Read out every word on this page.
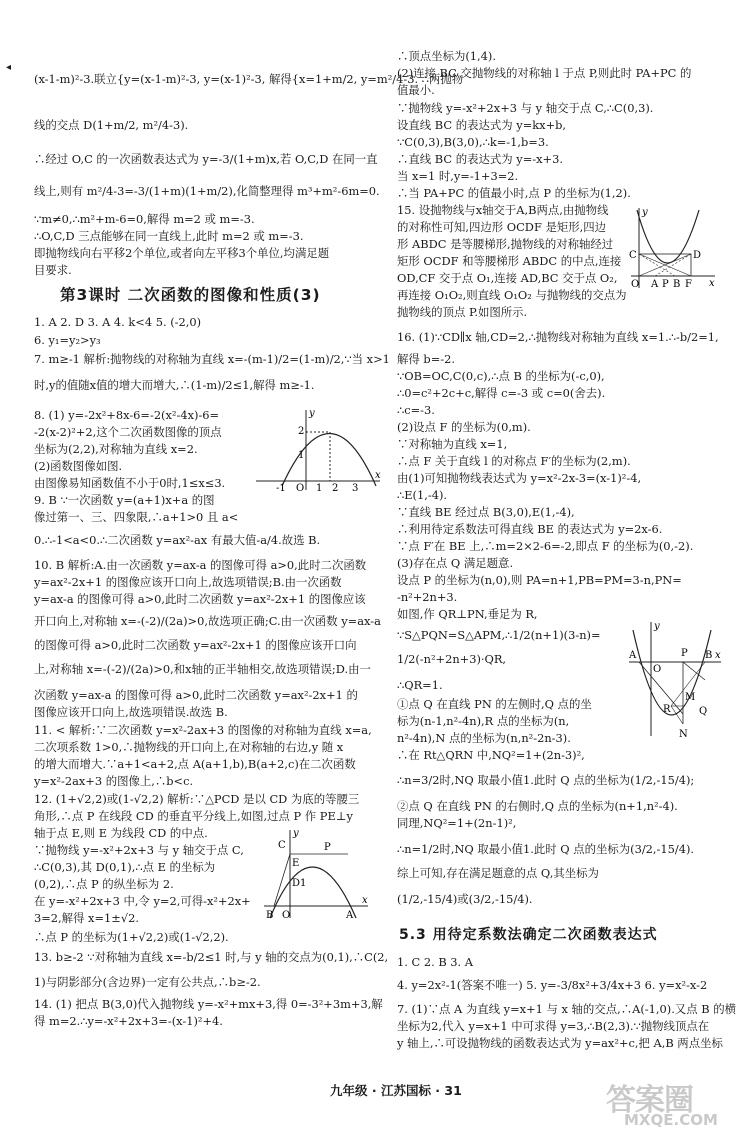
◂
(x-1-m)²-3.联立{y=(x-1-m)²-3, y=(x-1)²-3, 解得{x=1+m/2, y=m²/4-3. ∴两抛物
线的交点 D(1+m/2, m²/4-3).
∴经过 O,C 的一次函数表达式为 y=-3/(1+m)x,若 O,C,D 在同一直
线上,则有 m²/4-3=-3/(1+m)(1+m/2),化简整理得 m³+m²-6m=0.
∵m≠0,∴m²+m-6=0,解得 m=2 或 m=-3.
∴O,C,D 三点能够在同一直线上,此时 m=2 或 m=-3.
即抛物线向右平移2个单位,或者向左平移3个单位,均满足题
目要求.
第3课时 二次函数的图像和性质(3)
1. A 2. D 3. A 4. k<4 5. (-2,0)
6. y₁=y₂>y₃
7. m≥-1 解析:抛物线的对称轴为直线 x=-(m-1)/2=(1-m)/2,∵当 x>1
时,y的值随x值的增大而增大,∴(1-m)/2≤1,解得 m≥-1.
8. (1) y=-2x²+8x-6=-2(x²-4x)-6=
-2(x-2)²+2,这个二次函数图像的顶点
坐标为(2,2),对称轴为直线 x=2.
(2)函数图像如图.
由图像易知函数值不小于0时,1≤x≤3.
9. B ∵一次函数 y=(a+1)x+a 的图
像过第一、三、四象限,∴a+1>0 且 a<
0.∴-1<a<0.∴二次函数 y=ax²-ax 有最大值-a/4.故选 B.
10. B 解析:A.由一次函数 y=ax-a 的图像可得 a>0,此时二次函数
y=ax²-2x+1 的图像应该开口向上,故选项错误;B.由一次函数
y=ax-a 的图像可得 a>0,此时二次函数 y=ax²-2x+1 的图像应该
开口向上,对称轴 x=-(-2)/(2a)>0,故选项正确;C.由一次函数 y=ax-a
的图像可得 a>0,此时二次函数 y=ax²-2x+1 的图像应该开口向
上,对称轴 x=-(-2)/(2a)>0,和x轴的正半轴相交,故选项错误;D.由一
次函数 y=ax-a 的图像可得 a>0,此时二次函数 y=ax²-2x+1 的
图像应该开口向上,故选项错误.故选 B.
11. < 解析:∵二次函数 y=x²-2ax+3 的图像的对称轴为直线 x=a,
二次项系数 1>0,∴抛物线的开口向上,在对称轴的右边,y 随 x
的增大而增大.∵a+1<a+2,点 A(a+1,b),B(a+2,c)在二次函数
y=x²-2ax+3 的图像上,∴b<c.
12. (1+√2,2)或(1-√2,2) 解析:∵△PCD 是以 CD 为底的等腰三
角形,∴点 P 在线段 CD 的垂直平分线上,如图,过点 P 作 PE⊥y
轴于点 E,则 E 为线段 CD 的中点.
∵抛物线 y=-x²+2x+3 与 y 轴交于点 C,
∴C(0,3),其 D(0,1),∴点 E 的坐标为
(0,2),∴点 P 的纵坐标为 2.
在 y=-x²+2x+3 中,令 y=2,可得-x²+2x+
3=2,解得 x=1±√2.
∴点 P 的坐标为(1+√2,2)或(1-√2,2).
13. b≥-2 ∵对称轴为直线 x=-b/2≤1 时,与 y 轴的交点为(0,1),∴C(2,
1)与阴影部分(含边界)一定有公共点,∴b≥-2.
14. (1) 把点 B(3,0)代入抛物线 y=-x²+mx+3,得 0=-3²+3m+3,解
得 m=2.∴y=-x²+2x+3=-(x-1)²+4.
2
1
O
-1	1 2 3
x
y
y
C	P
E
D 1
B O	A
x
∴顶点坐标为(1,4).
(2)连接 BC 交抛物线的对称轴 l 于点 P,则此时 PA+PC 的
值最小.
∵抛物线 y=-x²+2x+3 与 y 轴交于点 C,∴C(0,3).
设直线 BC 的表达式为 y=kx+b,
∵C(0,3),B(3,0),∴k=-1,b=3.
∴直线 BC 的表达式为 y=-x+3.
当 x=1 时,y=-1+3=2.
∴当 PA+PC 的值最小时,点 P 的坐标为(1,2).
15. 设抛物线与x轴交于A,B两点,由抛物线
的对称性可知,四边形 OCDF 是矩形,四边
形 ABDC 是等腰梯形,抛物线的对称轴经过
矩形 OCDF 和等腰梯形 ABDC 的中点,连接
OD,CF 交于点 O₁,连接 AD,BC 交于点 O₂,
再连接 O₁O₂,则直线 O₁O₂ 与抛物线的交点为
抛物线的顶点 P.如图所示.
16. (1)∵CD∥x 轴,CD=2,∴抛物线对称轴为直线 x=1.∴-b/2=1,
解得 b=-2.
∵OB=OC,C(0,c),∴点 B 的坐标为(-c,0),
∴0=c²+2c+c,解得 c=-3 或 c=0(舍去).
∴c=-3.
(2)设点 F 的坐标为(0,m).
∵对称轴为直线 x=1,
∴点 F 关于直线 l 的对称点 F′的坐标为(2,m).
由(1)可知抛物线表达式为 y=x²-2x-3=(x-1)²-4,
∴E(1,-4).
∵直线 BE 经过点 B(3,0),E(1,-4),
∴利用待定系数法可得直线 BE 的表达式为 y=2x-6.
∵点 F′在 BE 上,∴m=2×2-6=-2,即点 F 的坐标为(0,-2).
(3)存在点 Q 满足题意.
设点 P 的坐标为(n,0),则 PA=n+1,PB=PM=3-n,PN=
-n²+2n+3.
如图,作 QR⊥PN,垂足为 R,
∵S△PQN=S△APM,∴1/2(n+1)(3-n)=
1/2(-n²+2n+3)·QR,
∴QR=1.
①点 Q 在直线 PN 的左侧时,Q 点的坐
标为(n-1,n²-4n),R 点的坐标为(n,
n²-4n),N 点的坐标为(n,n²-2n-3).
∴在 Rt△QRN 中,NQ²=1+(2n-3)²,
∴n=3/2时,NQ 取最小值1.此时 Q 点的坐标为(1/2,-15/4);
②点 Q 在直线 PN 的右侧时,Q 点的坐标为(n+1,n²-4).
同理,NQ²=1+(2n-1)²,
∴n=1/2时,NQ 取最小值1.此时 Q 点的坐标为(3/2,-15/4).
综上可知,存在满足题意的点 Q,其坐标为
(1/2,-15/4)或(3/2,-15/4).
5.3 用待定系数法确定二次函数表达式
1. C 2. B 3. A
4. y=2x²-1(答案不唯一) 5. y=-3/8x²+3/4x+3 6. y=x²-x-2
7. (1)∵点 A 为直线 y=x+1 与 x 轴的交点,∴A(-1,0).又点 B 的横
坐标为2,代入 y=x+1 中可求得 y=3,∴B(2,3).∵抛物线顶点在
y 轴上,∴可设抛物线的函数表达式为 y=ax²+c,把 A,B 两点坐标
C	D
O A P B F x
y
y
A
O
P B x
M
R	Q
N
九年级 · 江苏国标 · 31	答案圈
MXQE.COM
